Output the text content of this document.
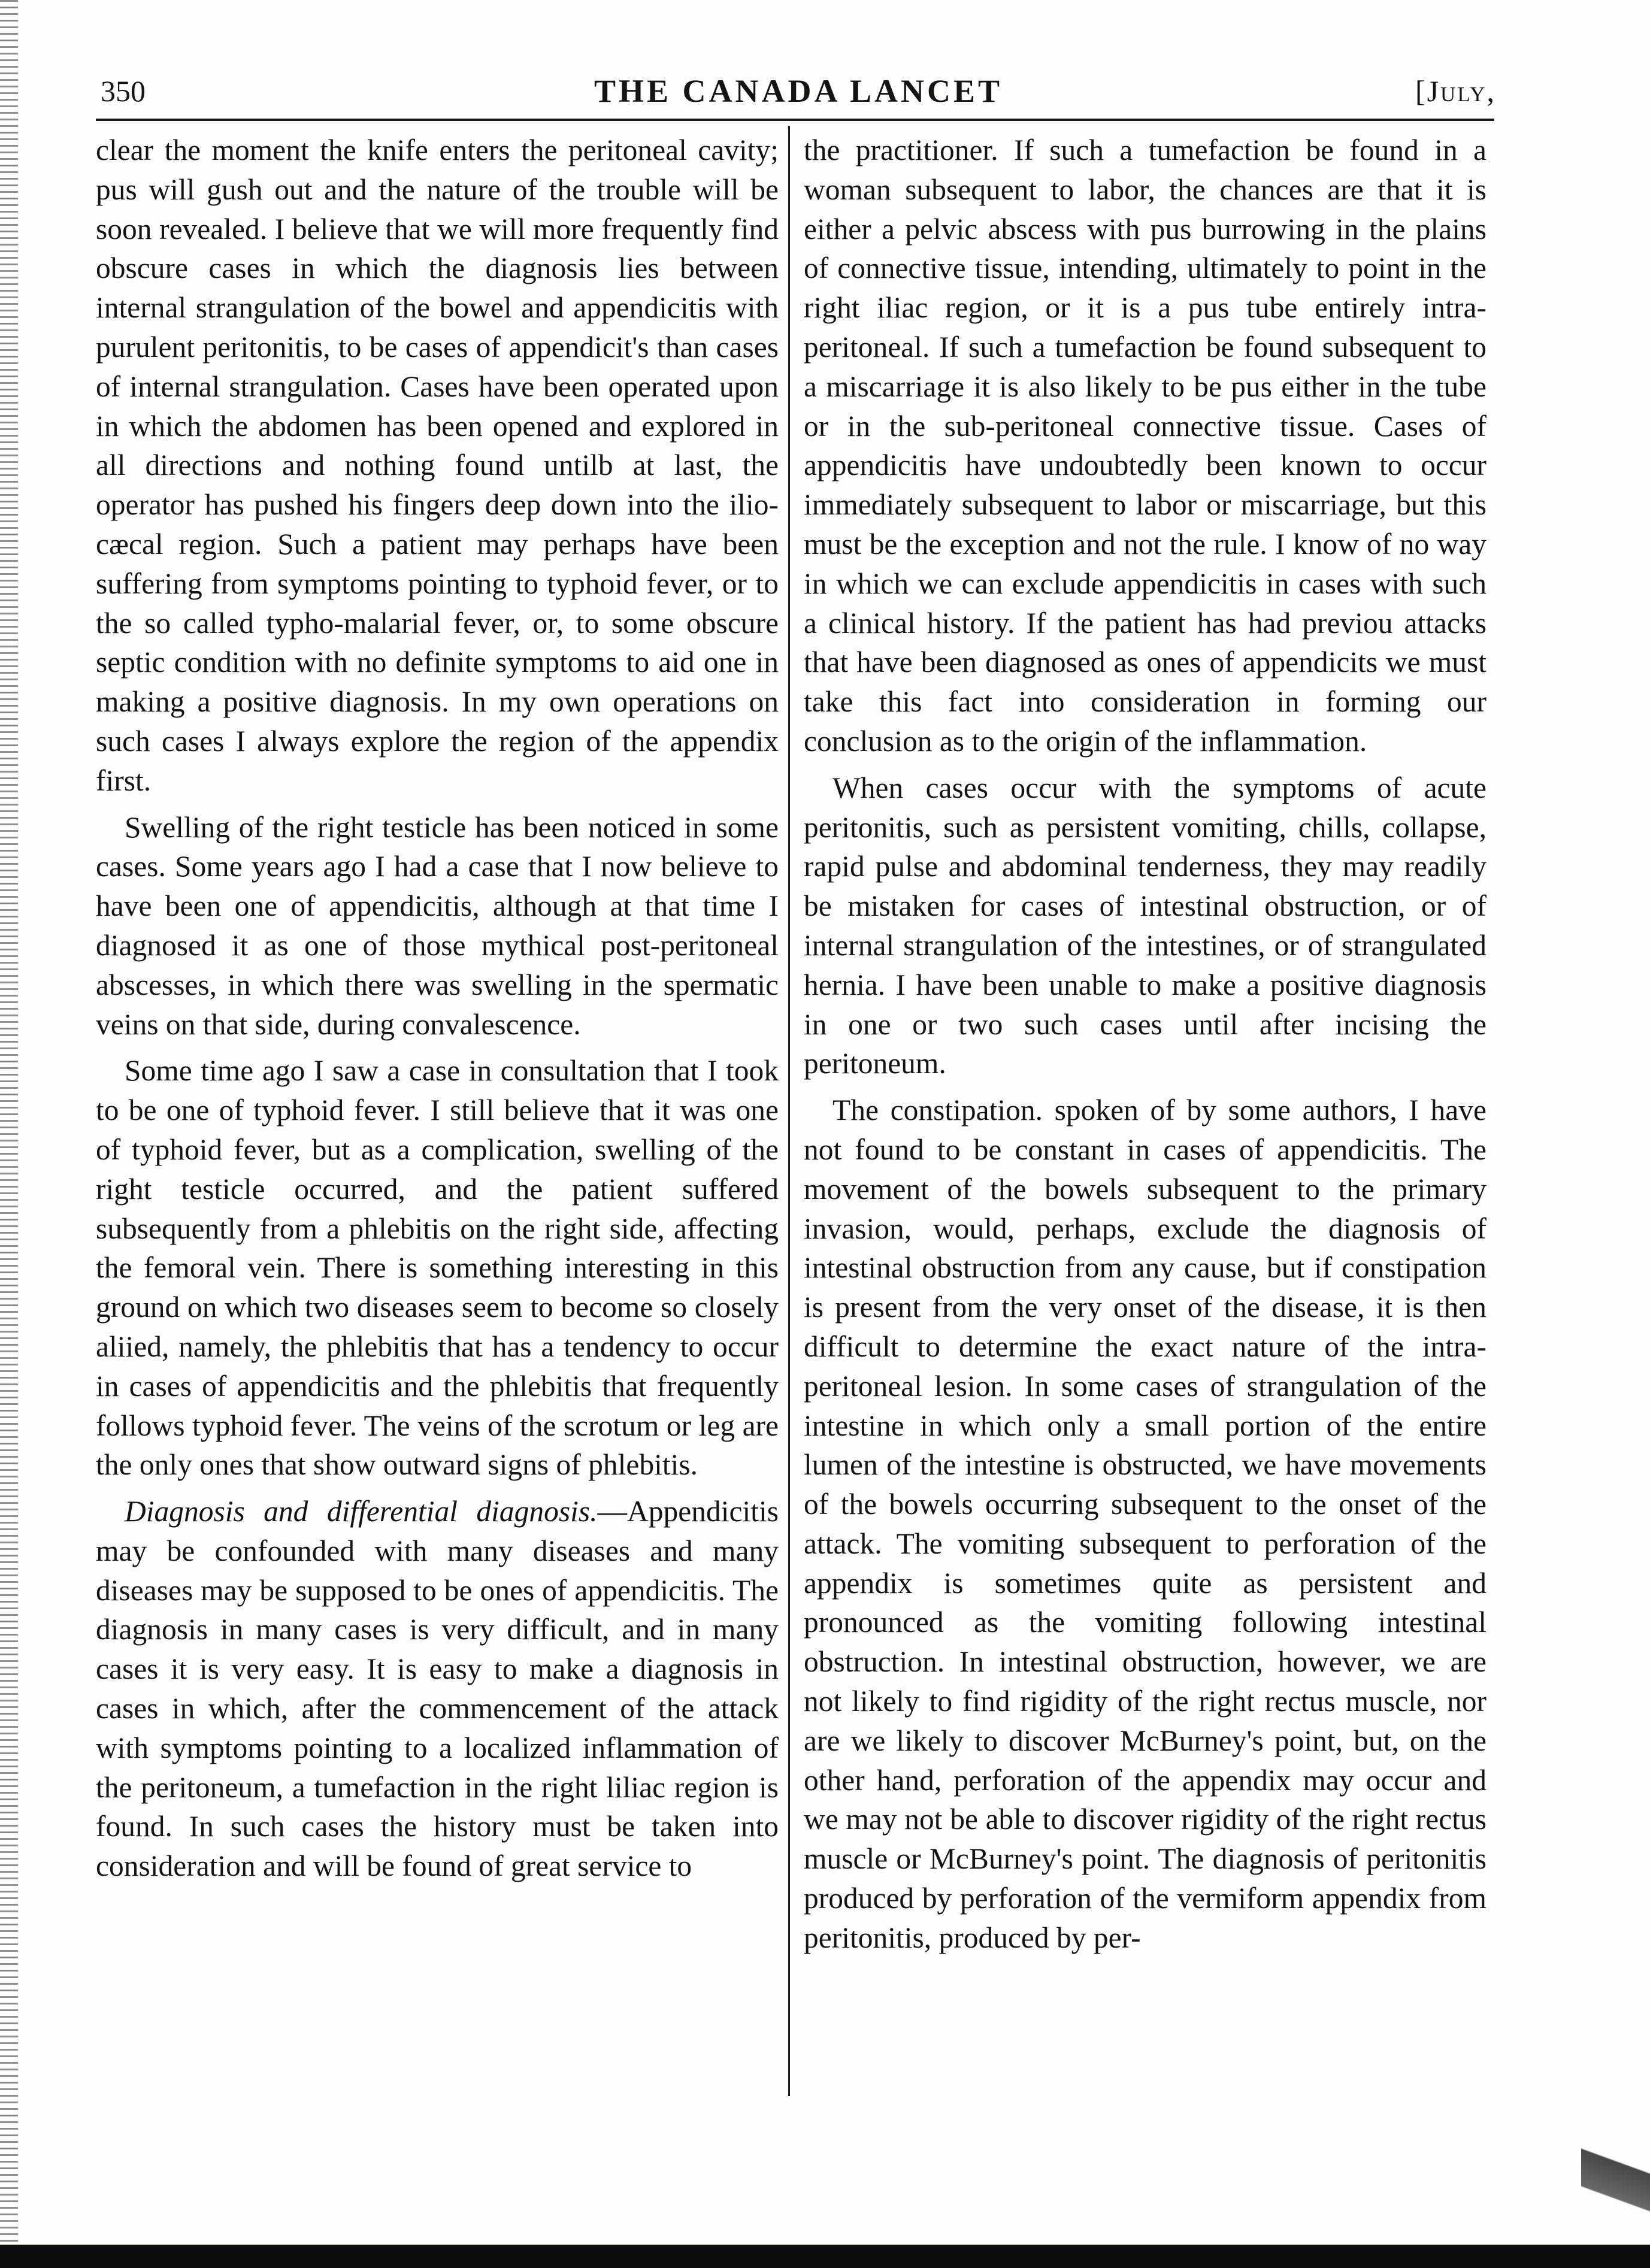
350	THE CANADA LANCET	[July,

clear the moment the knife enters the peritoneal cavity; pus will gush out and the nature of the trouble will be soon revealed. I believe that we will more frequently find obscure cases in which the diagnosis lies between internal strangulation of the bowel and appendicitis with purulent peritonitis, to be cases of appendicit's than cases of internal strangulation. Cases have been operated upon in which the abdomen has been opened and explored in all directions and nothing found untilb at last, the operator has pushed his fingers deep down into the ilio-cæcal region. Such a patient may perhaps have been suffering from symptoms pointing to typhoid fever, or to the so called typho-malarial fever, or, to some obscure septic condition with no definite symptoms to aid one in making a positive diagnosis. In my own operations on such cases I always explore the region of the appendix first.

Swelling of the right testicle has been noticed in some cases. Some years ago I had a case that I now believe to have been one of appendicitis, although at that time I diagnosed it as one of those mythical post-peritoneal abscesses, in which there was swelling in the spermatic veins on that side, during convalescence.

Some time ago I saw a case in consultation that I took to be one of typhoid fever. I still believe that it was one of typhoid fever, but as a complication, swelling of the right testicle occurred, and the patient suffered subsequently from a phlebitis on the right side, affecting the femoral vein. There is something interesting in this ground on which two diseases seem to become so closely aliied, namely, the phlebitis that has a tendency to occur in cases of appendicitis and the phlebitis that frequently follows typhoid fever. The veins of the scrotum or leg are the only ones that show outward signs of phlebitis.

Diagnosis and differential diagnosis.—Appendicitis may be confounded with many diseases and many diseases may be supposed to be ones of appendicitis. The diagnosis in many cases is very difficult, and in many cases it is very easy. It is easy to make a diagnosis in cases in which, after the commencement of the attack with symptoms pointing to a localized inflammation of the peritoneum, a tumefaction in the right liliac region is found. In such cases the history must be taken into consideration and will be found of great service to

the practitioner. If such a tumefaction be found in a woman subsequent to labor, the chances are that it is either a pelvic abscess with pus burrowing in the plains of connective tissue, intending, ultimately to point in the right iliac region, or it is a pus tube entirely intra-peritoneal. If such a tumefaction be found subsequent to a miscarriage it is also likely to be pus either in the tube or in the sub-peritoneal connective tissue. Cases of appendicitis have undoubtedly been known to occur immediately subsequent to labor or miscarriage, but this must be the exception and not the rule. I know of no way in which we can exclude appendicitis in cases with such a clinical history. If the patient has had previou attacks that have been diagnosed as ones of appendicits we must take this fact into consideration in forming our conclusion as to the origin of the inflammation.

When cases occur with the symptoms of acute peritonitis, such as persistent vomiting, chills, collapse, rapid pulse and abdominal tenderness, they may readily be mistaken for cases of intestinal obstruction, or of internal strangulation of the intestines, or of strangulated hernia. I have been unable to make a positive diagnosis in one or two such cases until after incising the peritoneum.

The constipation. spoken of by some authors, I have not found to be constant in cases of appendicitis. The movement of the bowels subsequent to the primary invasion, would, perhaps, exclude the diagnosis of intestinal obstruction from any cause, but if constipation is present from the very onset of the disease, it is then difficult to determine the exact nature of the intra-peritoneal lesion. In some cases of strangulation of the intestine in which only a small portion of the entire lumen of the intestine is obstructed, we have movements of the bowels occurring subsequent to the onset of the attack. The vomiting subsequent to perforation of the appendix is sometimes quite as persistent and pronounced as the vomiting following intestinal obstruction. In intestinal obstruction, however, we are not likely to find rigidity of the right rectus muscle, nor are we likely to discover McBurney's point, but, on the other hand, perforation of the appendix may occur and we may not be able to discover rigidity of the right rectus muscle or McBurney's point. The diagnosis of peritonitis produced by perforation of the vermiform appendix from peritonitis, produced by per-
